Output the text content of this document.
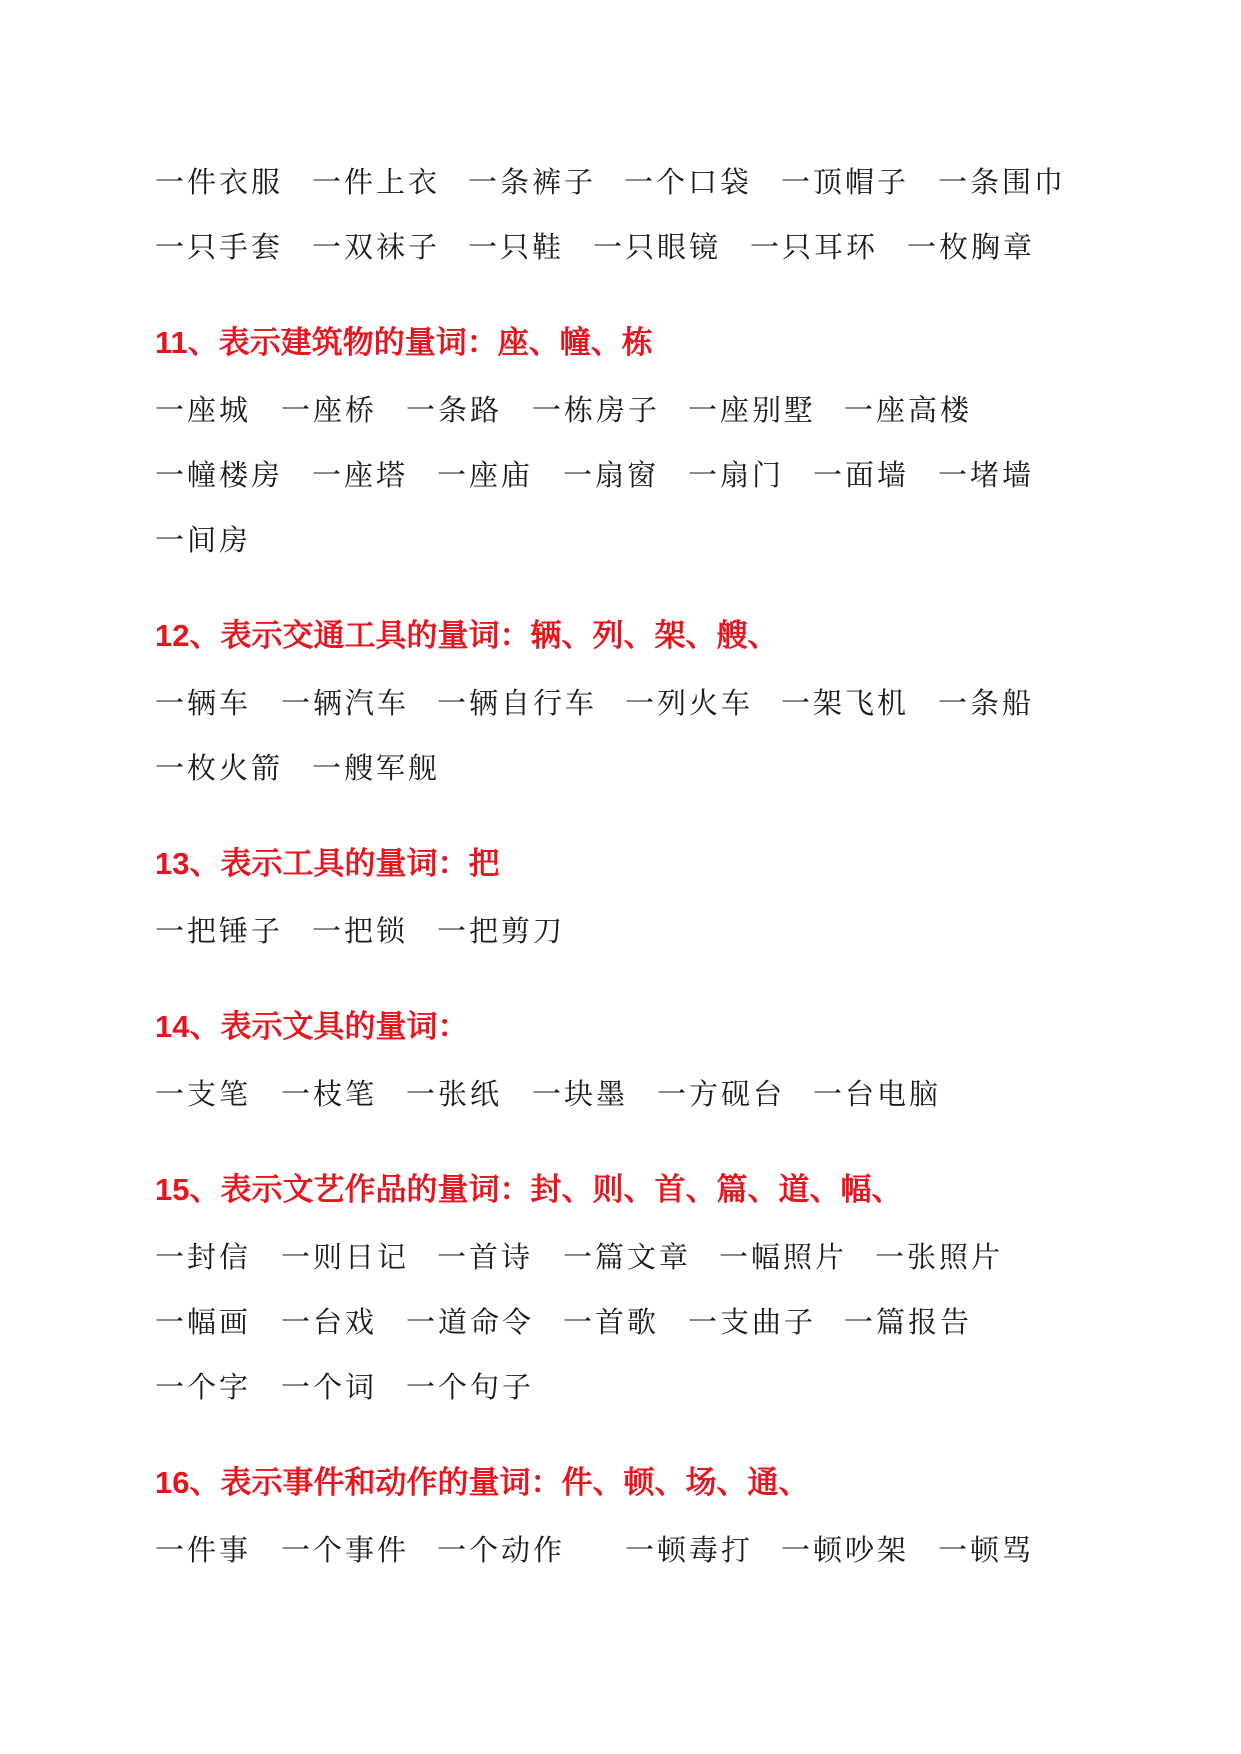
一件衣服 一件上衣 一条裤子 一个口袋 一顶帽子 一条围巾
一只手套 一双袜子 一只鞋 一只眼镜 一只耳环 一枚胸章
11、表示建筑物的量词：座、幢、栋
一座城 一座桥 一条路 一栋房子 一座别墅 一座高楼
一幢楼房 一座塔 一座庙 一扇窗 一扇门 一面墙 一堵墙
一间房
12、表示交通工具的量词：辆、列、架、艘、
一辆车 一辆汽车 一辆自行车 一列火车 一架飞机 一条船
一枚火箭 一艘军舰
13、表示工具的量词：把
一把锤子 一把锁 一把剪刀
14、表示文具的量词：
一支笔 一枝笔 一张纸 一块墨 一方砚台 一台电脑
15、表示文艺作品的量词：封、则、首、篇、道、幅、
一封信 一则日记 一首诗 一篇文章 一幅照片 一张照片
一幅画 一台戏 一道命令 一首歌 一支曲子 一篇报告
一个字 一个词 一个句子
16、表示事件和动作的量词：件、顿、场、通、
一件事 一个事件 一个动作 一顿毒打 一顿吵架 一顿骂
